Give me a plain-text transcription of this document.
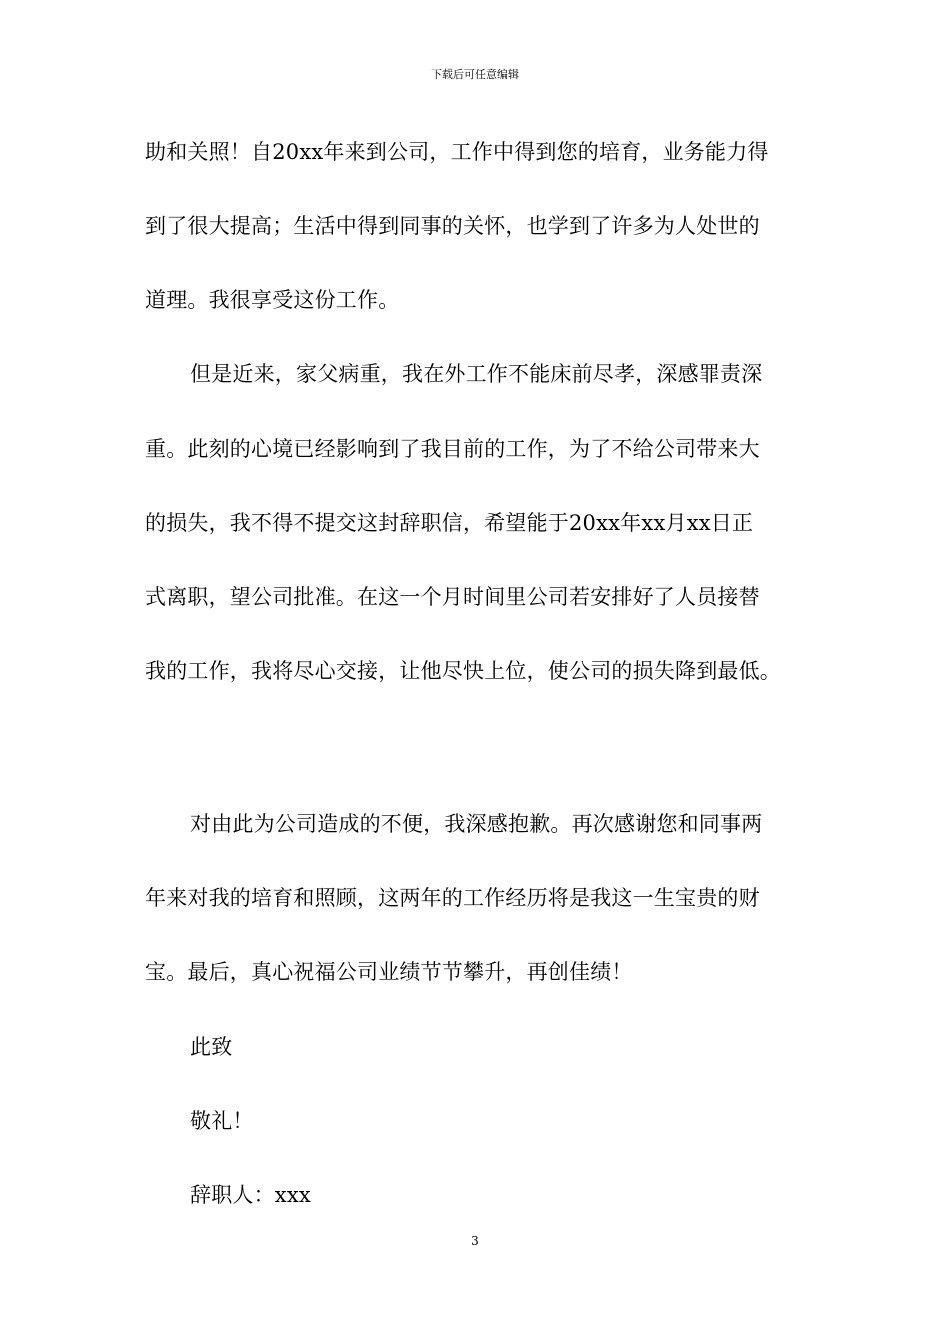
下载后可任意编辑
助和关照！自20xx年来到公司，工作中得到您的培育，业务能力得
到了很大提高；生活中得到同事的关怀，也学到了许多为人处世的
道理。我很享受这份工作。
但是近来，家父病重，我在外工作不能床前尽孝，深感罪责深
重。此刻的心境已经影响到了我目前的工作，为了不给公司带来大
的损失，我不得不提交这封辞职信，希望能于20xx年xx月xx日正
式离职，望公司批准。在这一个月时间里公司若安排好了人员接替
我的工作，我将尽心交接，让他尽快上位，使公司的损失降到最低。
对由此为公司造成的不便，我深感抱歉。再次感谢您和同事两
年来对我的培育和照顾，这两年的工作经历将是我这一生宝贵的财
宝。最后，真心祝福公司业绩节节攀升，再创佳绩！
此致
敬礼！
辞职人：xxx
3
